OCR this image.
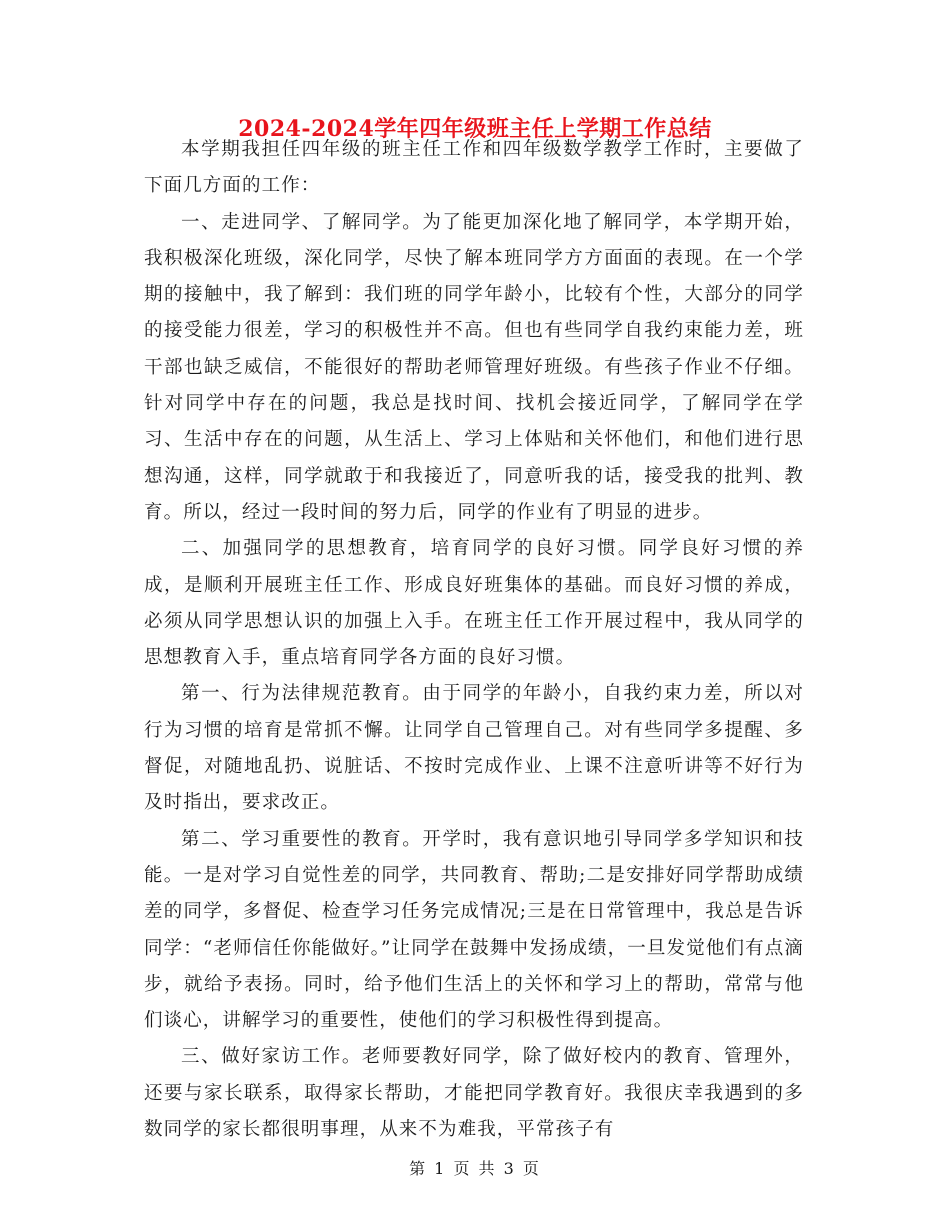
2024-2024学年四年级班主任上学期工作总结

本学期我担任四年级的班主任工作和四年级数学教学工作时，主要做了下面几方面的工作：

一、走进同学、了解同学。为了能更加深化地了解同学，本学期开始，我积极深化班级，深化同学，尽快了解本班同学方方面面的表现。在一个学期的接触中，我了解到：我们班的同学年龄小，比较有个性，大部分的同学的接受能力很差，学习的积极性并不高。但也有些同学自我约束能力差，班干部也缺乏威信，不能很好的帮助老师管理好班级。有些孩子作业不仔细。针对同学中存在的问题，我总是找时间、找机会接近同学，了解同学在学习、生活中存在的问题，从生活上、学习上体贴和关怀他们，和他们进行思想沟通，这样，同学就敢于和我接近了，同意听我的话，接受我的批判、教育。所以，经过一段时间的努力后，同学的作业有了明显的进步。

二、加强同学的思想教育，培育同学的良好习惯。同学良好习惯的养成，是顺利开展班主任工作、形成良好班集体的基础。而良好习惯的养成，必须从同学思想认识的加强上入手。在班主任工作开展过程中，我从同学的思想教育入手，重点培育同学各方面的良好习惯。

第一、行为法律规范教育。由于同学的年龄小，自我约束力差，所以对行为习惯的培育是常抓不懈。让同学自己管理自己。对有些同学多提醒、多督促，对随地乱扔、说脏话、不按时完成作业、上课不注意听讲等不好行为及时指出，要求改正。

第二、学习重要性的教育。开学时，我有意识地引导同学多学知识和技能。一是对学习自觉性差的同学，共同教育、帮助;二是安排好同学帮助成绩差的同学，多督促、检查学习任务完成情况;三是在日常管理中，我总是告诉同学：“老师信任你能做好。”让同学在鼓舞中发扬成绩，一旦发觉他们有点滴步，就给予表扬。同时，给予他们生活上的关怀和学习上的帮助，常常与他们谈心，讲解学习的重要性，使他们的学习积极性得到提高。

三、做好家访工作。老师要教好同学，除了做好校内的教育、管理外，还要与家长联系，取得家长帮助，才能把同学教育好。我很庆幸我遇到的多数同学的家长都很明事理，从来不为难我，平常孩子有

第 1 页 共 3 页
